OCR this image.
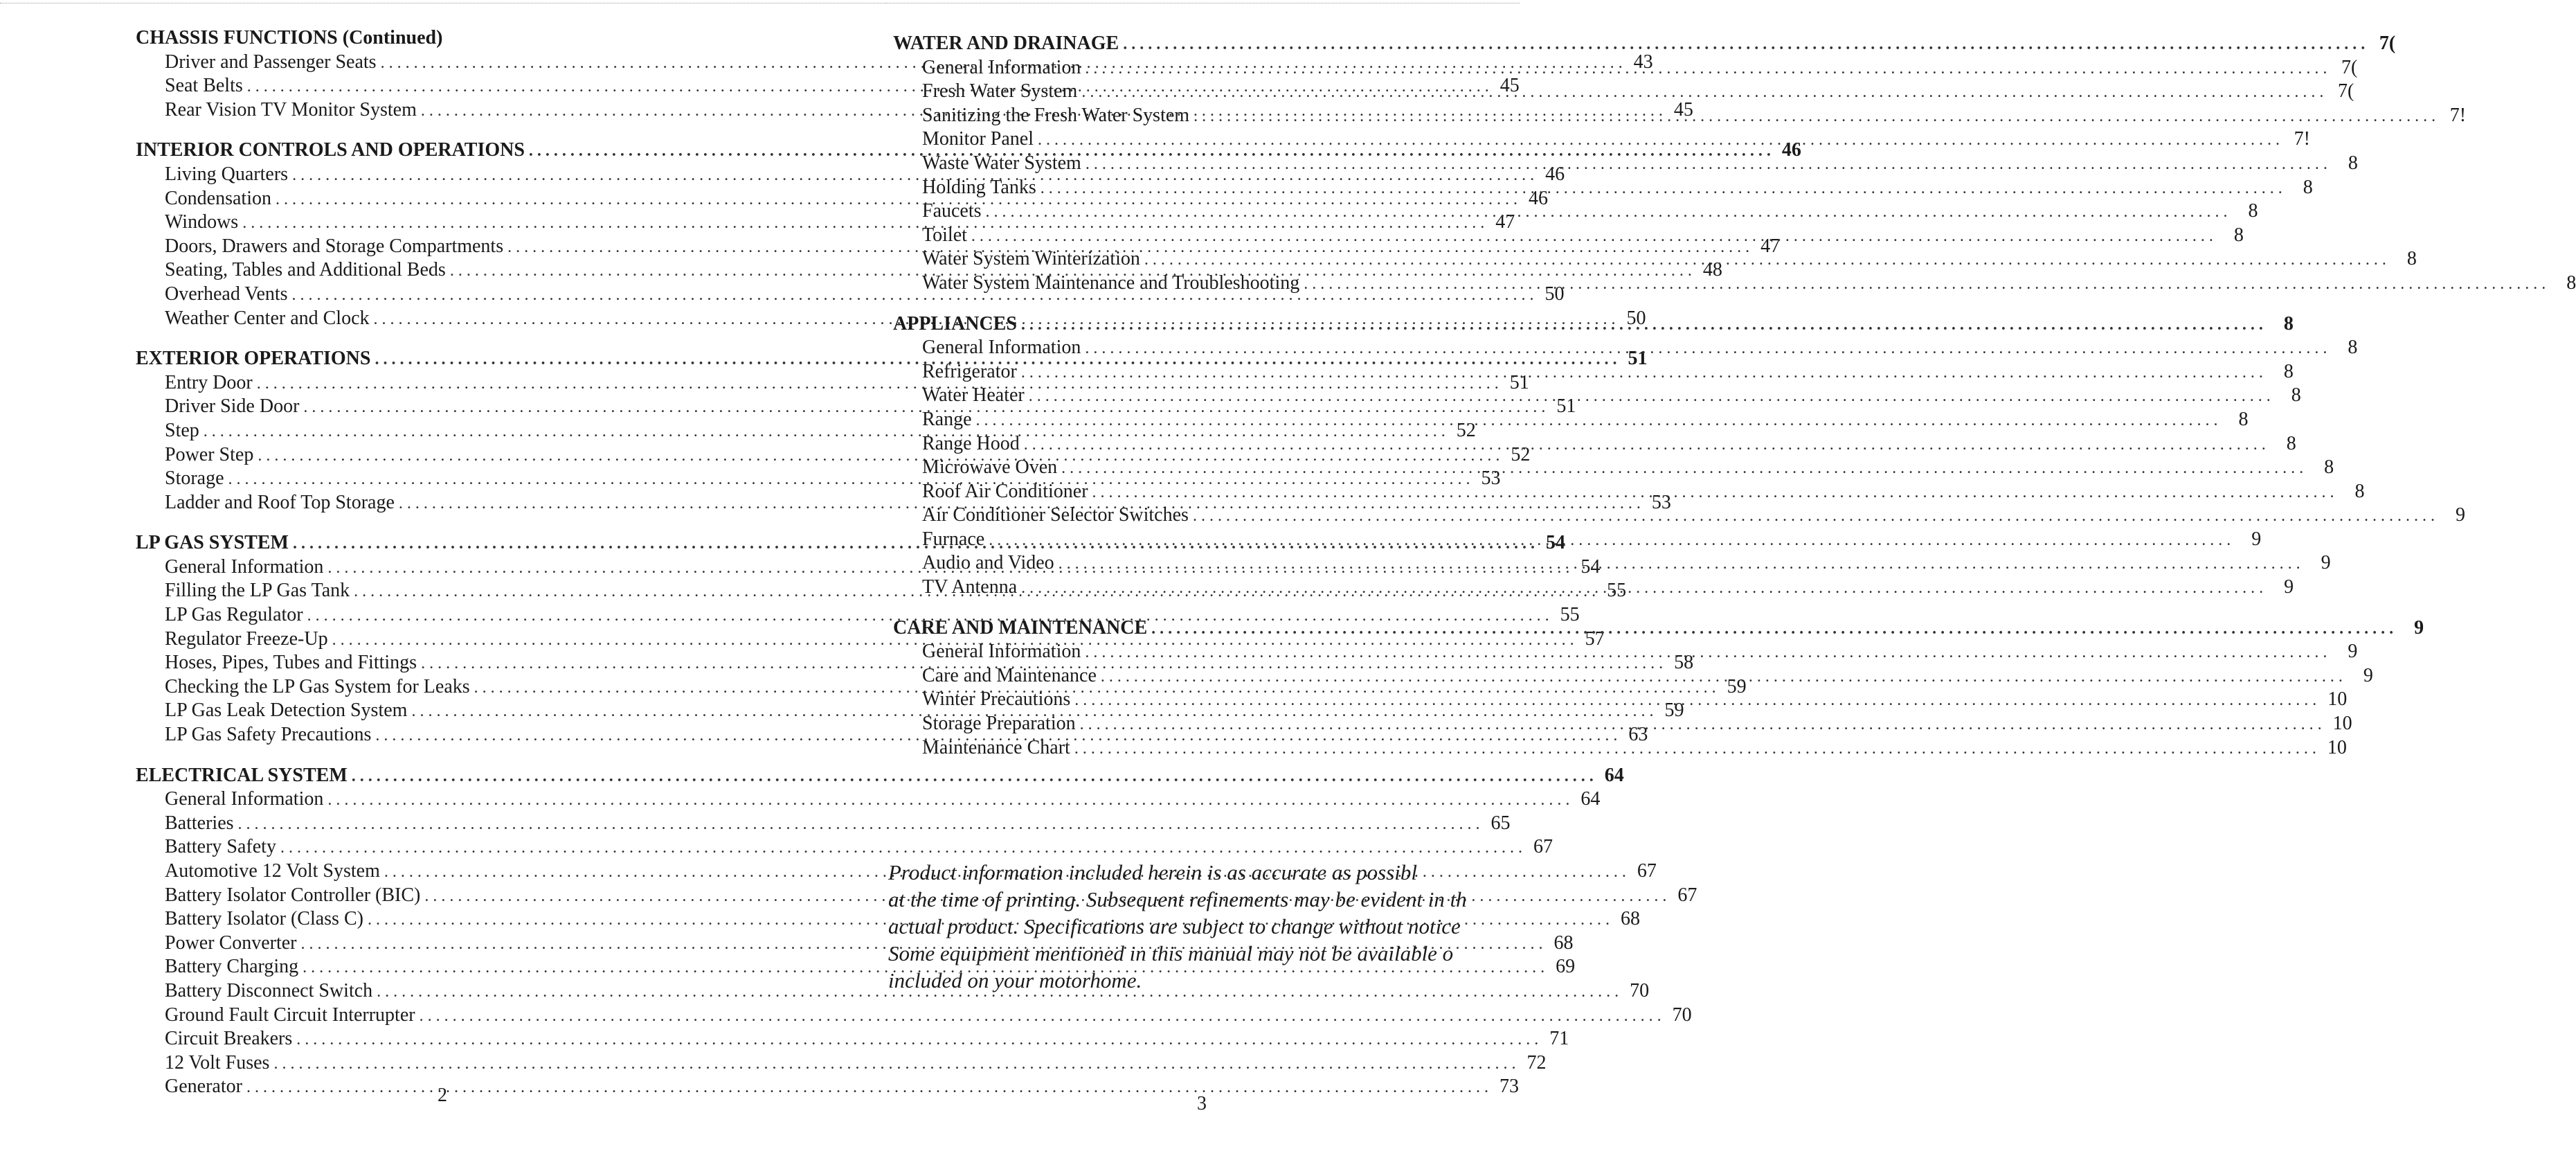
CHASSIS FUNCTIONS (Continued)
Driver and Passenger Seats . . .	43
Seat Belts . . .	45
Rear Vision TV Monitor System . . .	45
INTERIOR CONTROLS AND OPERATIONS . . .	46
Living Quarters . . .	46
Condensation . . .	46
Windows . . .	47
Doors, Drawers and Storage Compartments . . .	47
Seating, Tables and Additional Beds . . .	48
Overhead Vents . . .	50
Weather Center and Clock . . .	50
EXTERIOR OPERATIONS . . .	51
Entry Door . . .	51
Driver Side Door . . .	51
Step . . .	52
Power Step . . .	52
Storage . . .	53
Ladder and Roof Top Storage . . .	53
LP GAS SYSTEM . . .	54
General Information . . .	54
Filling the LP Gas Tank . . .	55
LP Gas Regulator . . .	55
Regulator Freeze-Up . . .	57
Hoses, Pipes, Tubes and Fittings . . .	58
Checking the LP Gas System for Leaks . . .	59
LP Gas Leak Detection System . . .	59
LP Gas Safety Precautions . . .	63
ELECTRICAL SYSTEM . . .	64
General Information . . .	64
Batteries . . .	65
Battery Safety . . .	67
Automotive 12 Volt System . . .	67
Battery Isolator Controller (BIC) . . .	67
Battery Isolator (Class C) . . .	68
Power Converter . . .	68
Battery Charging . . .	69
Battery Disconnect Switch . . .	70
Ground Fault Circuit Interrupter . . .	70
Circuit Breakers . . .	71
12 Volt Fuses . . .	72
Generator . . .	73
2
WATER AND DRAINAGE . . .	7(
General Information . . .	7(
Fresh Water System . . .	7(
Sanitizing the Fresh Water System . . .	7!
Monitor Panel . . .	7!
Waste Water System . . .	8
Holding Tanks . . .	8
Faucets . . .	8
Toilet . . .	8
Water System Winterization . . .	8
Water System Maintenance and Troubleshooting . . .	8
APPLIANCES . . .	8
General Information . . .	8
Refrigerator . . .	8
Water Heater . . .	8
Range . . .	8
Range Hood . . .	8
Microwave Oven . . .	8
Roof Air Conditioner . . .	8
Air Conditioner Selector Switches . . .	9
Furnace . . .	9
Audio and Video . . .	9
TV Antenna . . .	9
CARE AND MAINTENANCE . . .	9
General Information . . .	9
Care and Maintenance . . .	9
Winter Precautions . . .	10
Storage Preparation . . .	10
Maintenance Chart . . .	10
Product information included herein is as accurate as possibl
at the time of printing. Subsequent refinements may be evident in th
actual product. Specifications are subject to change without notice
Some equipment mentioned in this manual may not be available o
included on your motorhome.
3
